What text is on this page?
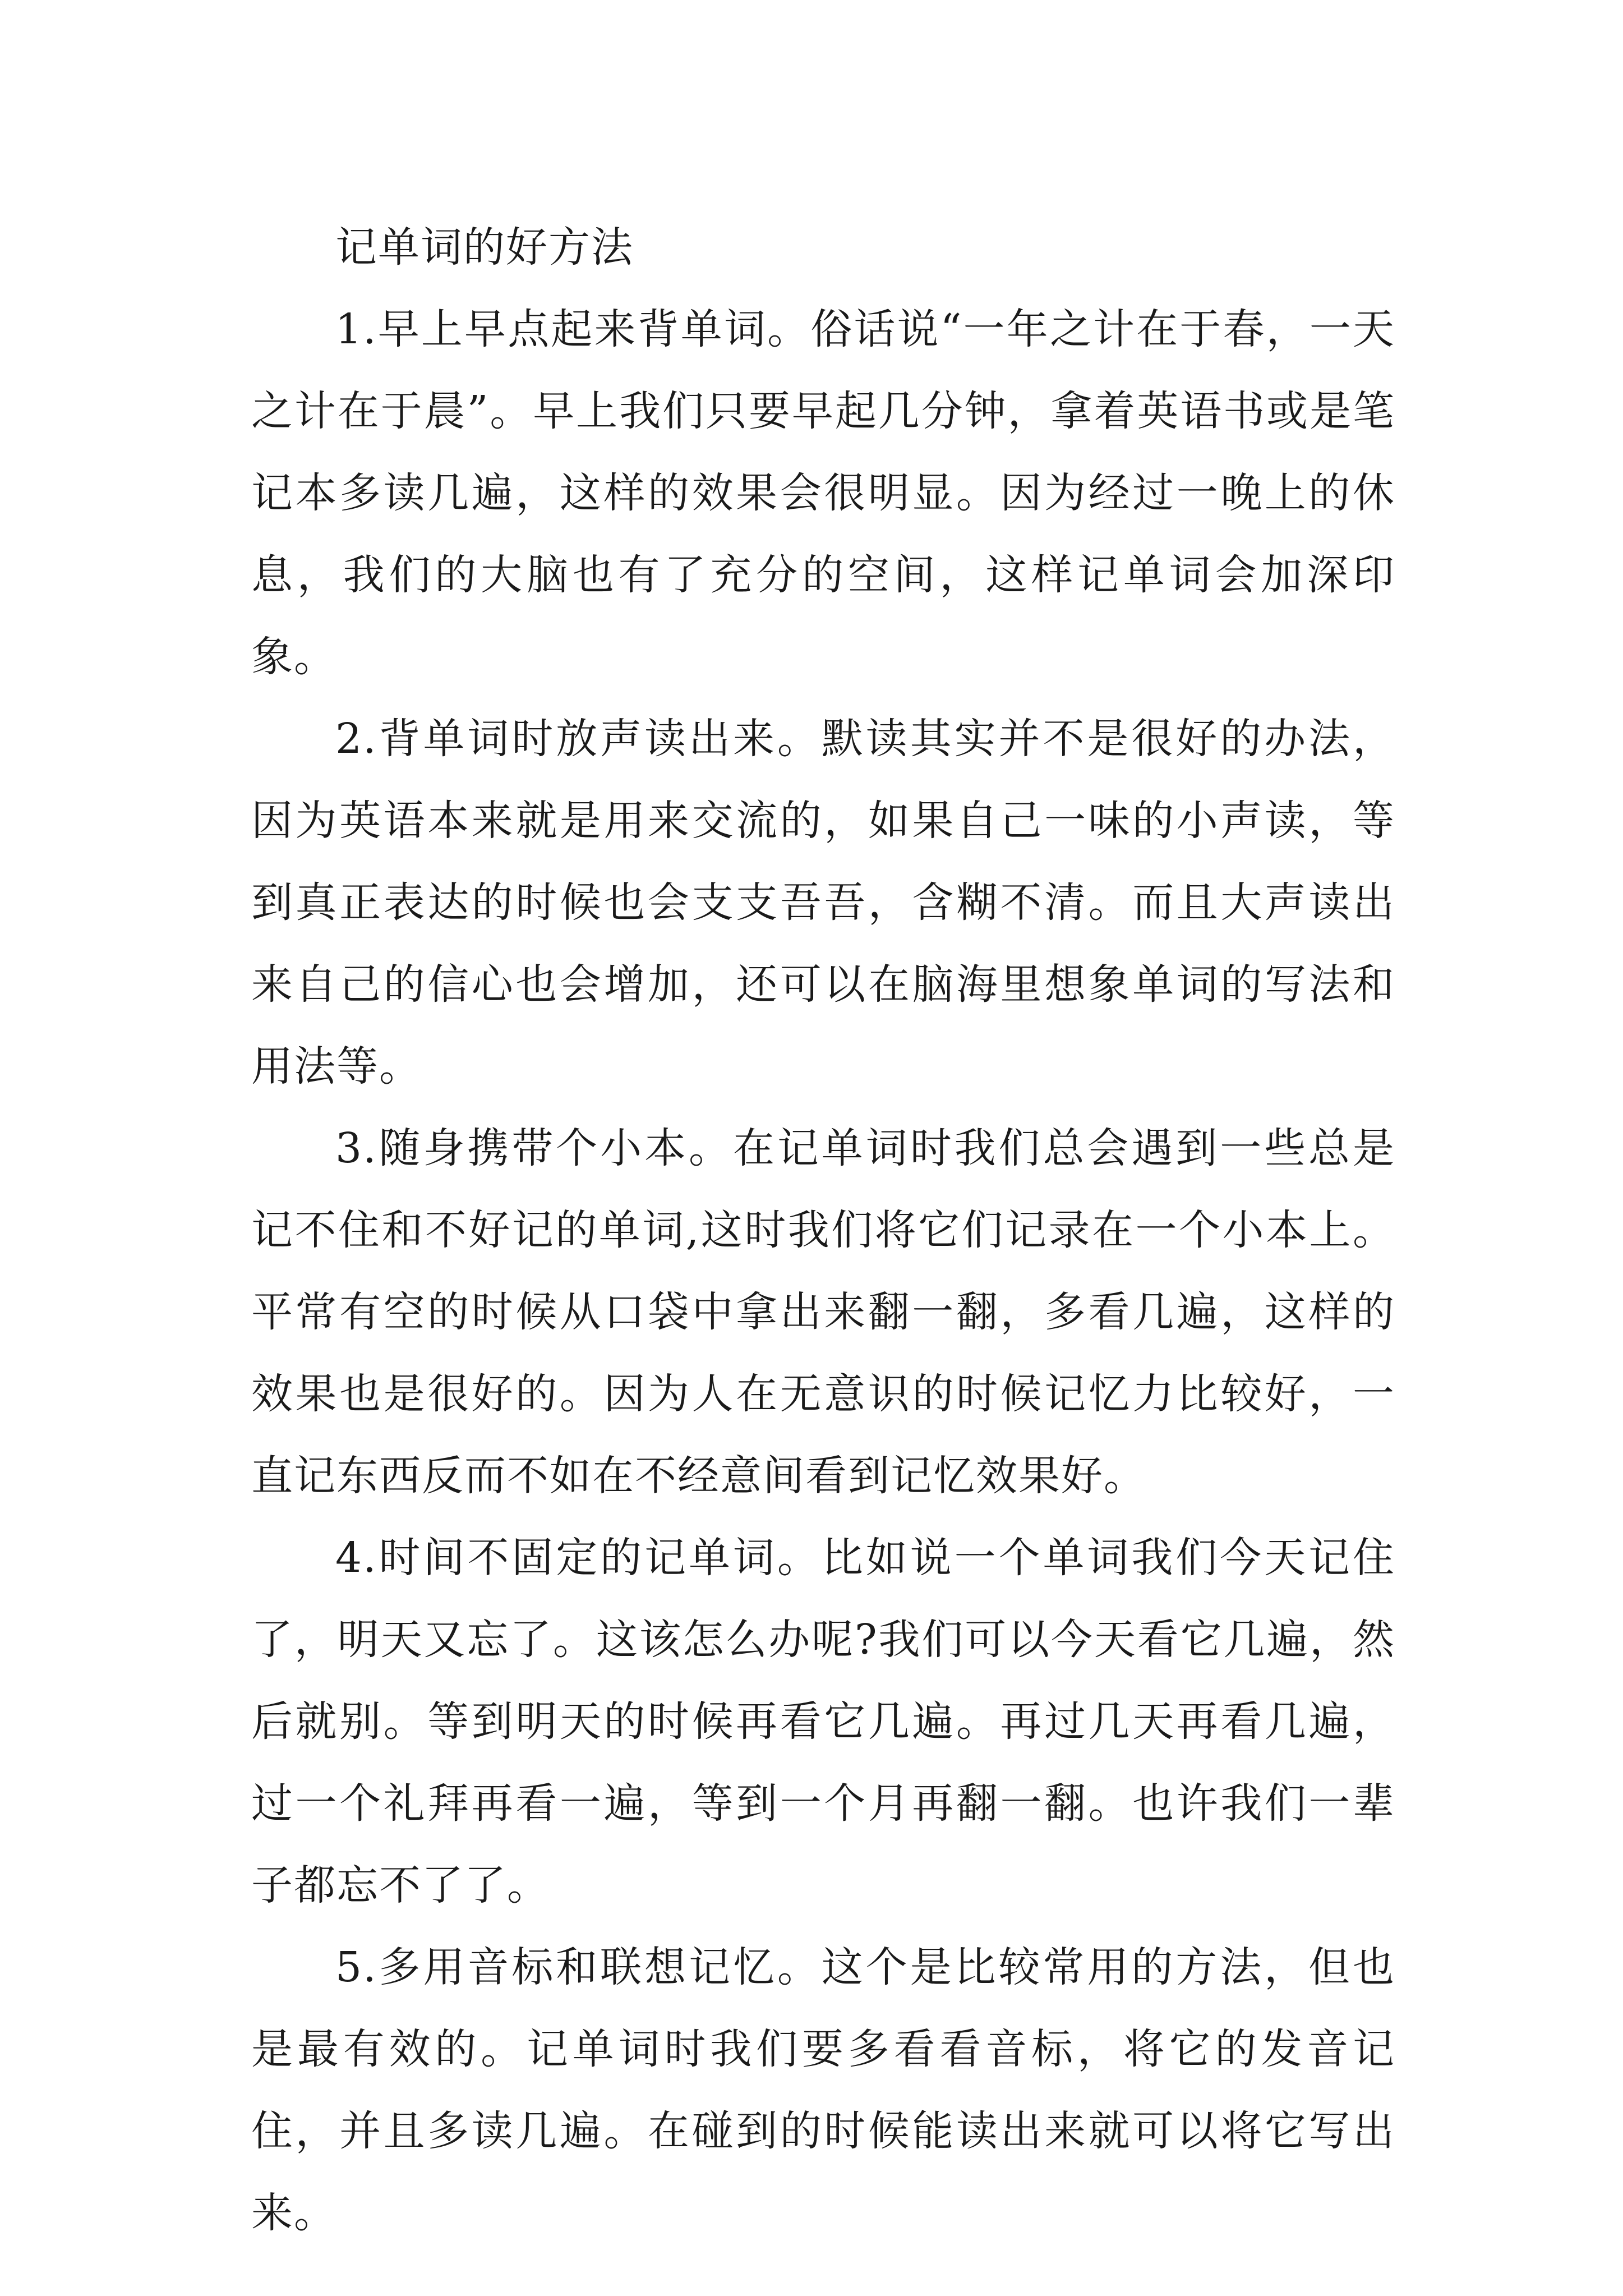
记单词的好方法

1.早上早点起来背单词。俗话说“一年之计在于春，一天之计在于晨”。早上我们只要早起几分钟，拿着英语书或是笔记本多读几遍，这样的效果会很明显。因为经过一晚上的休息，我们的大脑也有了充分的空间，这样记单词会加深印象。

2.背单词时放声读出来。默读其实并不是很好的办法，因为英语本来就是用来交流的，如果自己一味的小声读，等到真正表达的时候也会支支吾吾，含糊不清。而且大声读出来自己的信心也会增加，还可以在脑海里想象单词的写法和用法等。

3.随身携带个小本。在记单词时我们总会遇到一些总是记不住和不好记的单词,这时我们将它们记录在一个小本上。平常有空的时候从口袋中拿出来翻一翻，多看几遍，这样的效果也是很好的。因为人在无意识的时候记忆力比较好，一直记东西反而不如在不经意间看到记忆效果好。

4.时间不固定的记单词。比如说一个单词我们今天记住了，明天又忘了。这该怎么办呢?我们可以今天看它几遍，然后就别。等到明天的时候再看它几遍。再过几天再看几遍，过一个礼拜再看一遍，等到一个月再翻一翻。也许我们一辈子都忘不了了。

5.多用音标和联想记忆。这个是比较常用的方法，但也是最有效的。记单词时我们要多看看音标，将它的发音记住，并且多读几遍。在碰到的时候能读出来就可以将它写出来。
